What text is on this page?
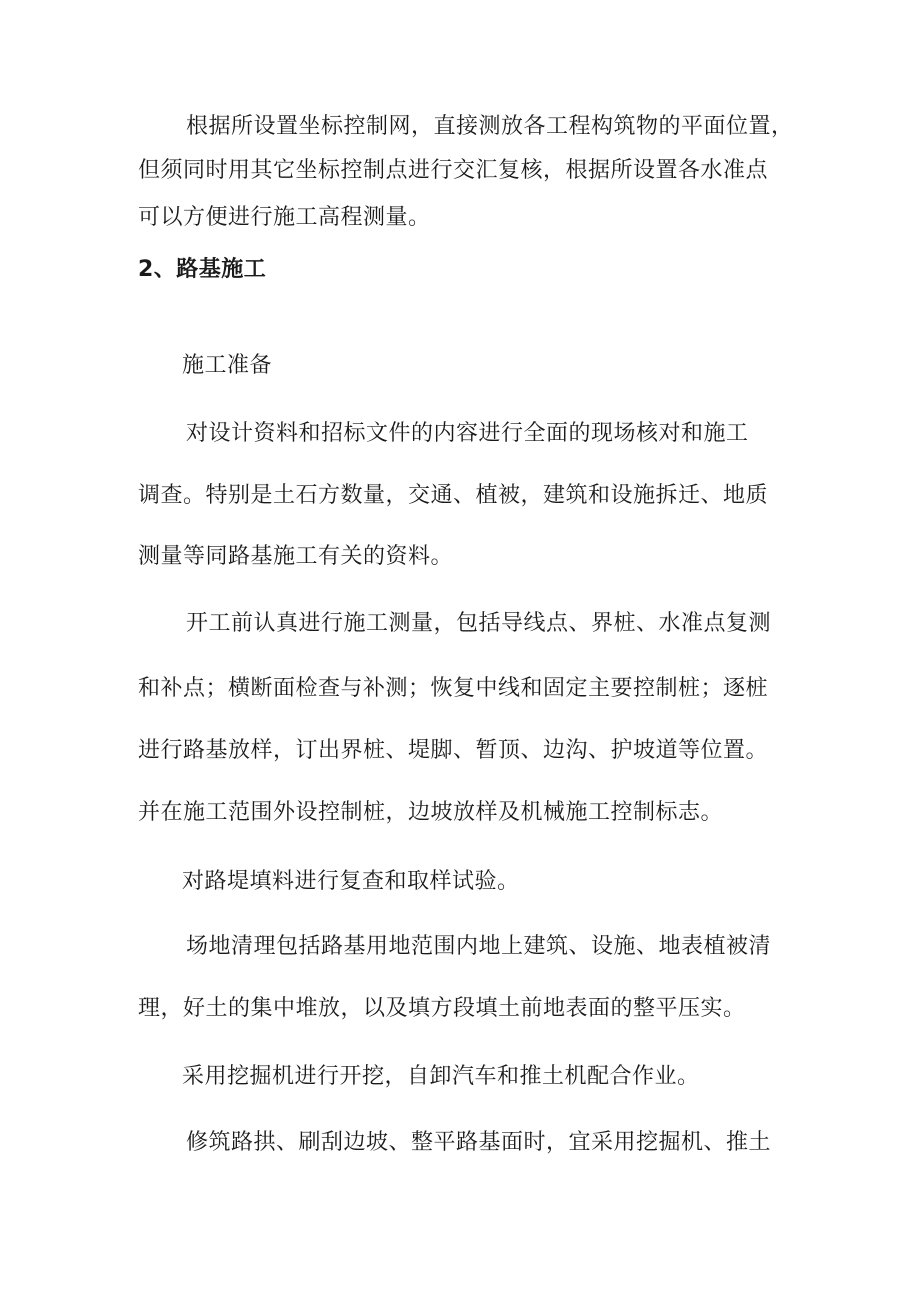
根据所设置坐标控制网，直接测放各工程构筑物的平面位置，
但须同时用其它坐标控制点进行交汇复核，根据所设置各水准点
可以方便进行施工高程测量。
2、路基施工
施工准备
对设计资料和招标文件的内容进行全面的现场核对和施工
调查。特别是土石方数量，交通、植被，建筑和设施拆迁、地质
测量等同路基施工有关的资料。
开工前认真进行施工测量，包括导线点、界桩、水准点复测
和补点；横断面检查与补测；恢复中线和固定主要控制桩；逐桩
进行路基放样，订出界桩、堤脚、暂顶、边沟、护坡道等位置。
并在施工范围外设控制桩，边坡放样及机械施工控制标志。
对路堤填料进行复查和取样试验。
场地清理包括路基用地范围内地上建筑、设施、地表植被清
理，好土的集中堆放，以及填方段填土前地表面的整平压实。
采用挖掘机进行开挖，自卸汽车和推土机配合作业。
修筑路拱、刷刮边坡、整平路基面时，宜采用挖掘机、推土
